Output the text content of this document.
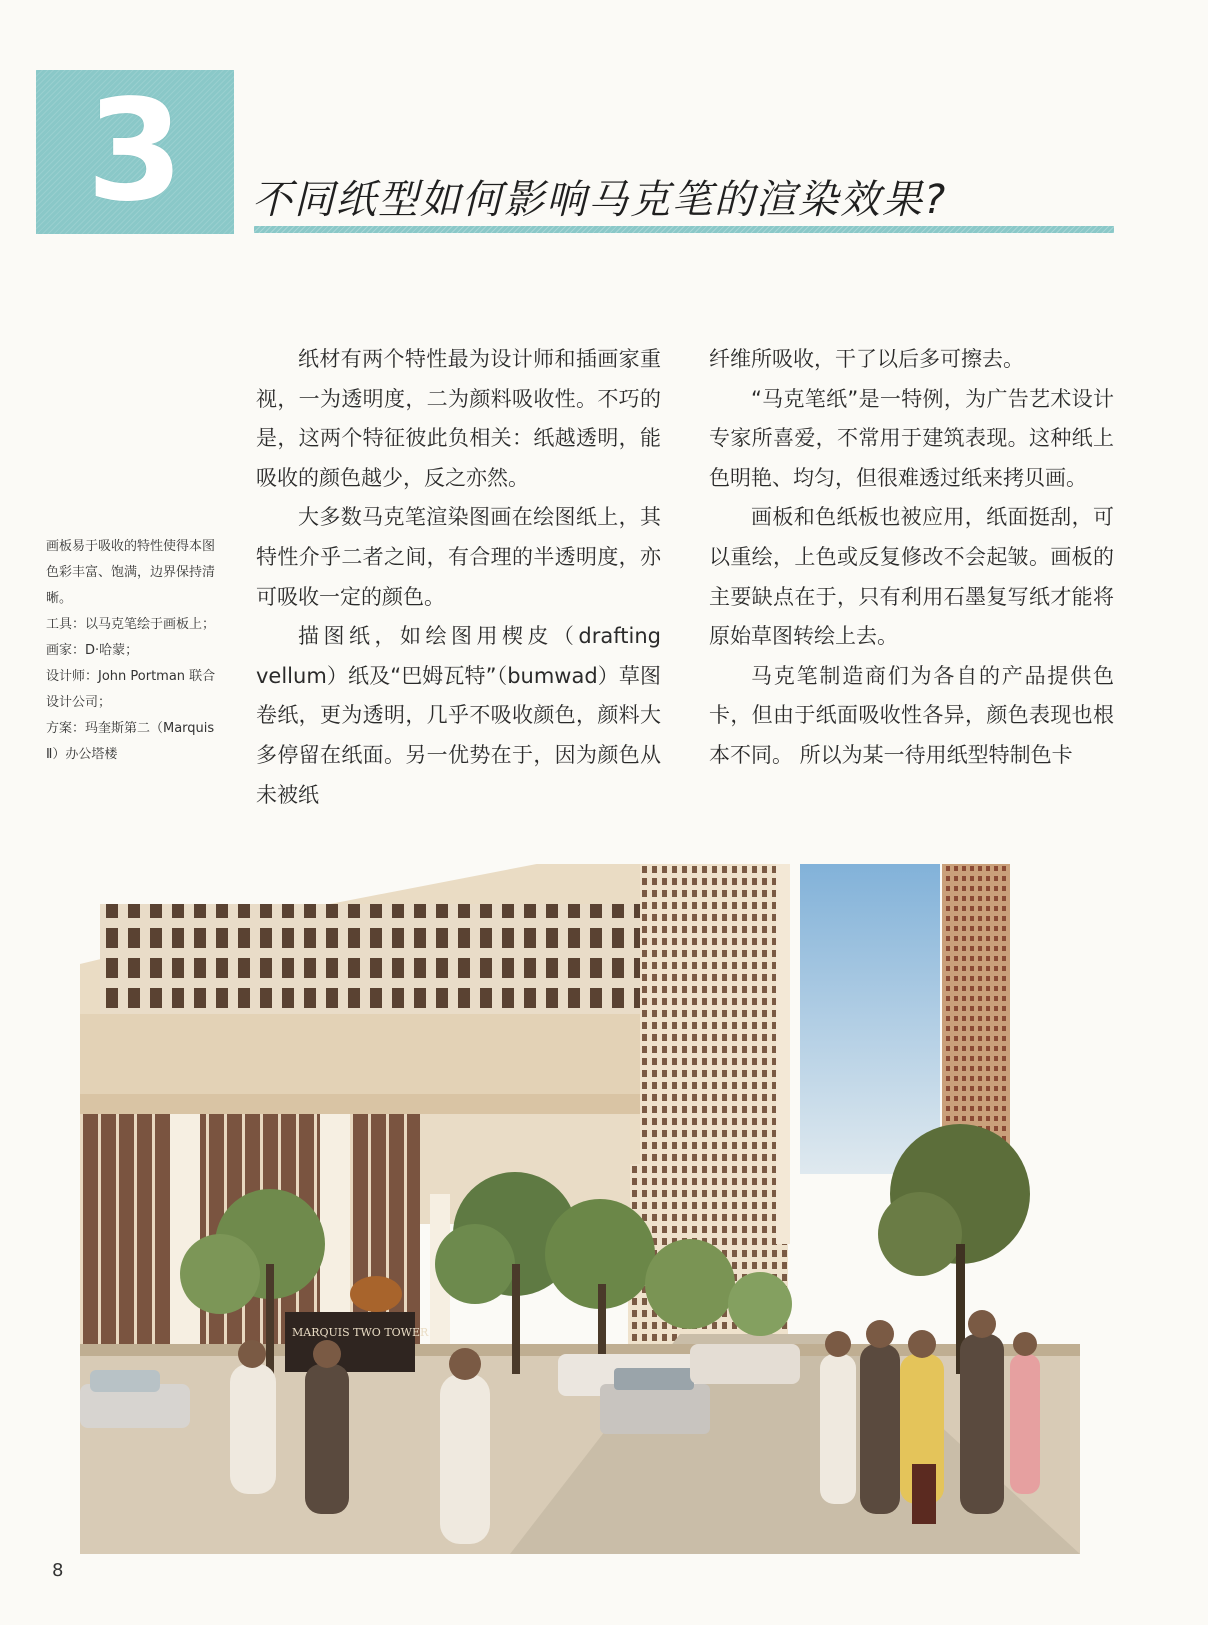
3	不同纸型如何影响马克笔的渲染效果?

画板易于吸收的特性使得本图色彩丰富、饱满，边界保持清晰。

工具：以马克笔绘于画板上；

画家：D·哈蒙；

设计师：John Portman 联合设计公司；

方案：玛奎斯第二（Marquis Ⅱ）办公塔楼

纸材有两个特性最为设计师和插画家重视，一为透明度，二为颜料吸收性。不巧的是，这两个特征彼此负相关：纸越透明，能吸收的颜色越少，反之亦然。

大多数马克笔渲染图画在绘图纸上，其特性介乎二者之间，有合理的半透明度，亦可吸收一定的颜色。

描图纸，如绘图用楔皮（drafting vellum）纸及“巴姆瓦特”（bumwad）草图卷纸，更为透明，几乎不吸收颜色，颜料大多停留在纸面。另一优势在于，因为颜色从未被纸

纤维所吸收，干了以后多可擦去。

“马克笔纸”是一特例，为广告艺术设计专家所喜爱，不常用于建筑表现。这种纸上色明艳、均匀，但很难透过纸来拷贝画。

画板和色纸板也被应用，纸面挺刮，可以重绘，上色或反复修改不会起皱。画板的主要缺点在于，只有利用石墨复写纸才能将原始草图转绘上去。

马克笔制造商们为各自的产品提供色卡，但由于纸面吸收性各异，颜色表现也根本不同。 所以为某一待用纸型特制色卡

MARQUIS TWO TOWER
8
